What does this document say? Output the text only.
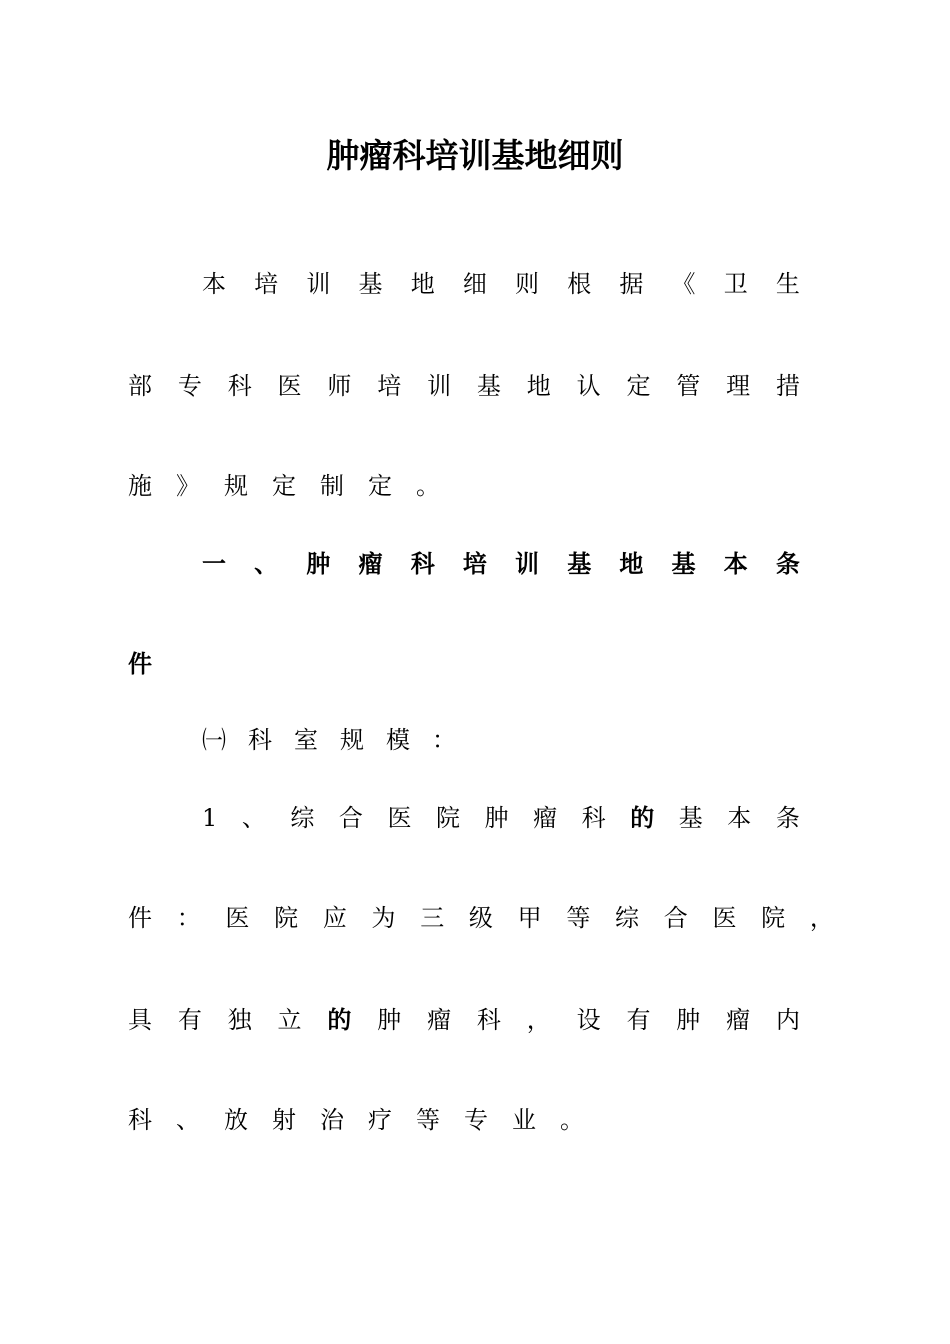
肿瘤科培训基地细则
本 培 训 基 地 细 则 根 据 《 卫 生
部 专 科 医 师 培 训 基 地 认 定 管 理 措
施 》 规 定 制 定 。
一 、 肿 瘤 科 培 训 基 地 基 本 条
件
㈠ 科 室 规 模 ：
1 、 综 合 医 院 肿 瘤 科 的 基 本 条
件 ： 医 院 应 为 三 级 甲 等 综 合 医 院 ，
具 有 独 立 的 肿 瘤 科 ， 设 有 肿 瘤 内
科 、 放 射 治 疗 等 专 业 。
